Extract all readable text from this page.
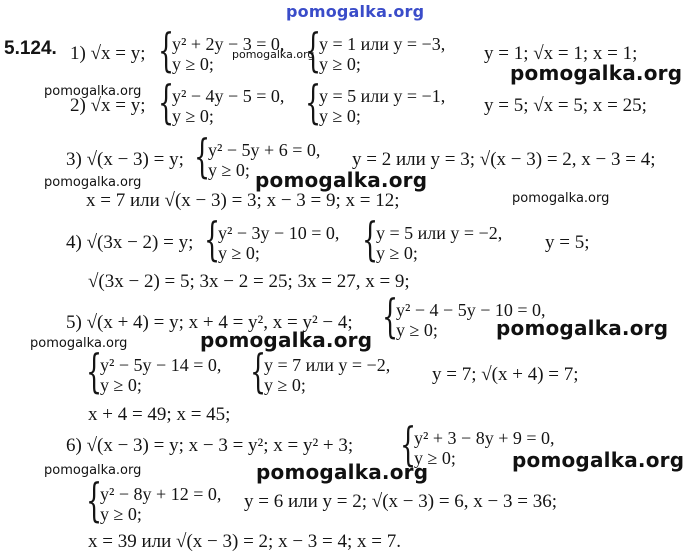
pomogalka.org
5.124. 1) √x = y; { y² + 2y − 3 = 0,
y ≥ 0;
{ y = 1 или y = −3,
y ≥ 0;	y = 1; √x = 1; x = 1;
2) √x = y; { y² − 4y − 5 = 0,
y ≥ 0;
{ y = 5 или y = −1,
y ≥ 0;	y = 5; √x = 5; x = 25;
3) √(x − 3) = y; { y² − 5y + 6 = 0,
y ≥ 0;	y = 2 или y = 3; √(x − 3) = 2, x − 3 = 4;
x = 7 или √(x − 3) = 3; x − 3 = 9; x = 12;
4) √(3x − 2) = y; { y² − 3y − 10 = 0,
y ≥ 0;
{ y = 5 или y = −2,
y ≥ 0;	y = 5;
√(3x − 2) = 5; 3x − 2 = 25; 3x = 27, x = 9;
5) √(x + 4) = y; x + 4 = y², x = y² − 4;
{ y² − 4 − 5y − 10 = 0,
y ≥ 0;
{ y² − 5y − 14 = 0,
y ≥ 0;
{ y = 7 или y = −2,
y ≥ 0;	y = 7; √(x + 4) = 7;
x + 4 = 49; x = 45;
6) √(x − 3) = y; x − 3 = y²; x = y² + 3;	{ y² + 3 − 8y + 9 = 0,
y ≥ 0;
{ y² − 8y + 12 = 0,
y ≥ 0;
y = 6 или y = 2; √(x − 3) = 6, x − 3 = 36;
x = 39 или √(x − 3) = 2; x − 3 = 4; x = 7.
pomogalka.org
pomogalka.org
pomogalka.org
pomogalka.org	pomogalka.org
pomogalka.org
pomogalka.org
pomogalka.org	pomogalka.org
pomogalka.org	pomogalka.org	pomogalka.org
